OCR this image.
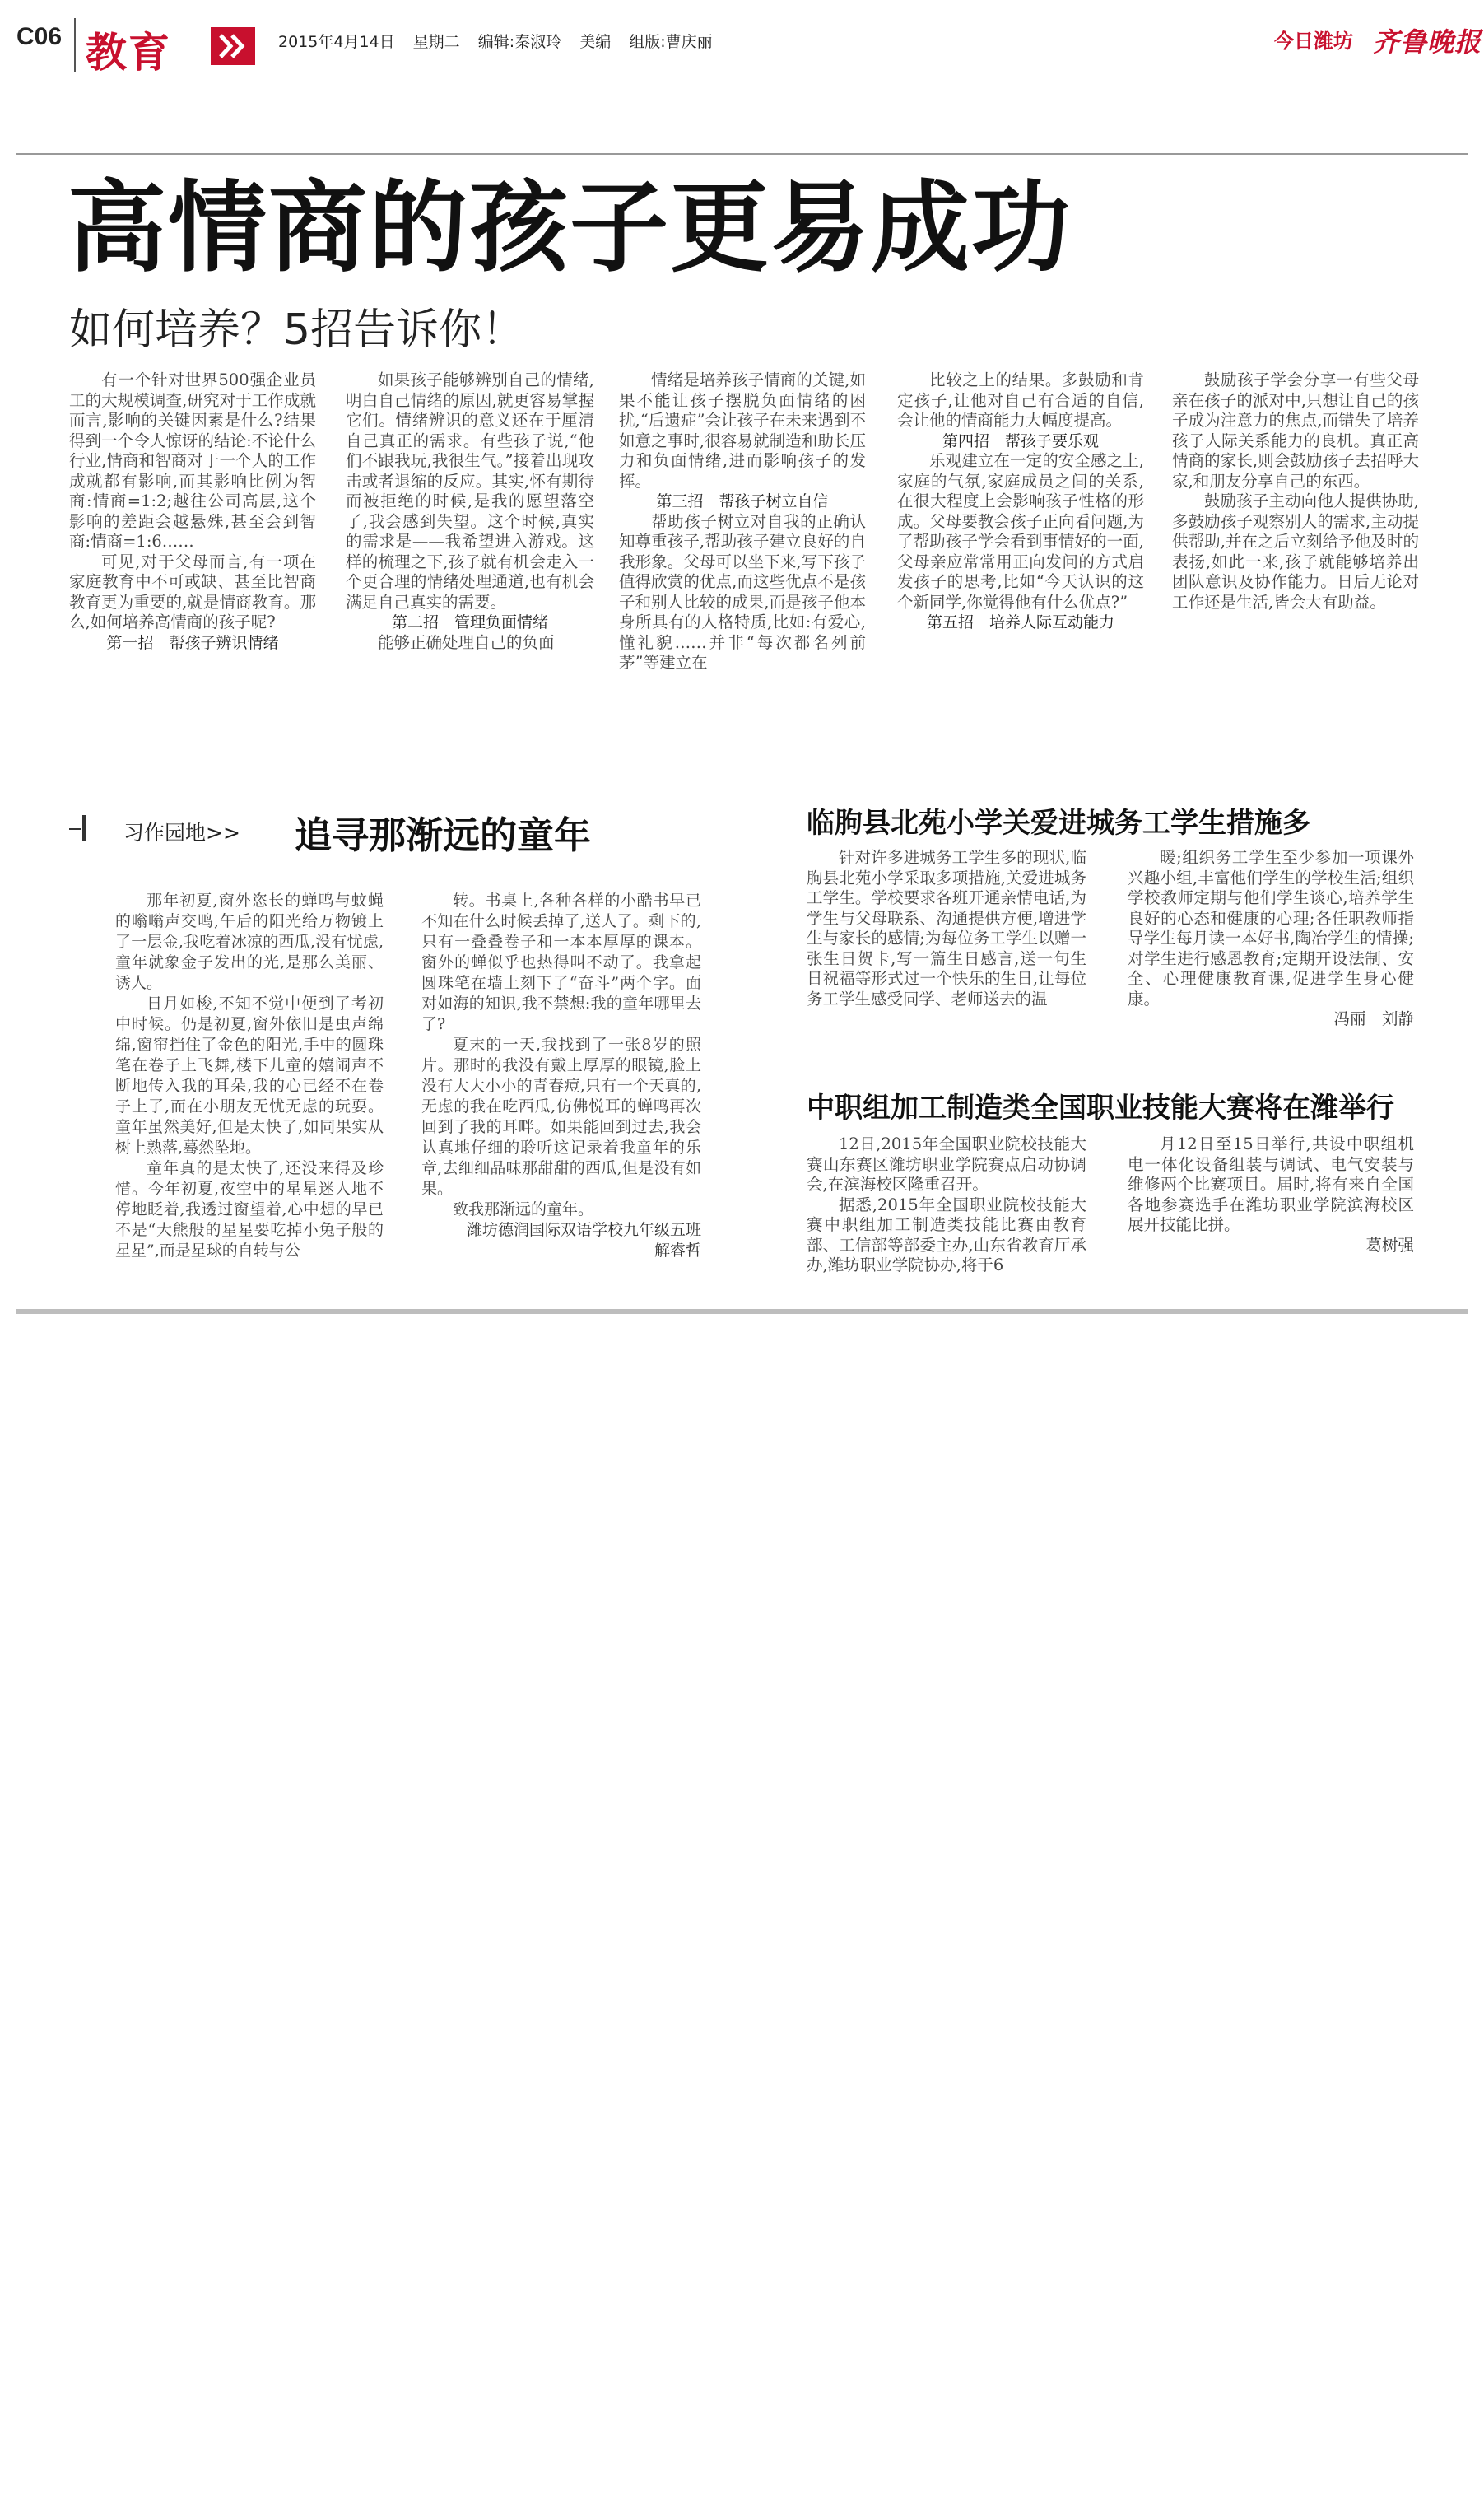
C06 教育	2015年4月14日 星期二 编辑:秦淑玲 美编 组版:曹庆丽	今日潍坊 齐鲁晚报
高情商的孩子更易成功
如何培养？5招告诉你！

有一个针对世界500强企业员工的大规模调查,研究对于工作成就而言,影响的关键因素是什么?结果得到一个令人惊讶的结论:不论什么行业,情商和智商对于一个人的工作成就都有影响,而其影响比例为智商:情商=1:2;越往公司高层,这个影响的差距会越悬殊,甚至会到智商:情商=1:6……

可见,对于父母而言,有一项在家庭教育中不可或缺、甚至比智商教育更为重要的,就是情商教育。那么,如何培养高情商的孩子呢?

第一招　帮孩子辨识情绪

如果孩子能够辨别自己的情绪,明白自己情绪的原因,就更容易掌握它们。情绪辨识的意义还在于厘清自己真正的需求。有些孩子说,“他们不跟我玩,我很生气。”接着出现攻击或者退缩的反应。其实,怀有期待而被拒绝的时候,是我的愿望落空了,我会感到失望。这个时候,真实的需求是——我希望进入游戏。这样的梳理之下,孩子就有机会走入一个更合理的情绪处理通道,也有机会满足自己真实的需要。

第二招　管理负面情绪

能够正确处理自己的负面

情绪是培养孩子情商的关键,如果不能让孩子摆脱负面情绪的困扰,“后遗症”会让孩子在未来遇到不如意之事时,很容易就制造和助长压力和负面情绪,进而影响孩子的发挥。

第三招　帮孩子树立自信

帮助孩子树立对自我的正确认知尊重孩子,帮助孩子建立良好的自我形象。父母可以坐下来,写下孩子值得欣赏的优点,而这些优点不是孩子和别人比较的成果,而是孩子他本身所具有的人格特质,比如:有爱心,懂礼貌……并非“每次都名列前茅”等建立在

比较之上的结果。多鼓励和肯定孩子,让他对自己有合适的自信,会让他的情商能力大幅度提高。

第四招　帮孩子要乐观

乐观建立在一定的安全感之上,家庭的气氛,家庭成员之间的关系,在很大程度上会影响孩子性格的形成。父母要教会孩子正向看问题,为了帮助孩子学会看到事情好的一面,父母亲应常常用正向发问的方式启发孩子的思考,比如“今天认识的这个新同学,你觉得他有什么优点?”

第五招　培养人际互动能力

鼓励孩子学会分享一有些父母亲在孩子的派对中,只想让自己的孩子成为注意力的焦点,而错失了培养孩子人际关系能力的良机。真正高情商的家长,则会鼓励孩子去招呼大家,和朋友分享自己的东西。

鼓励孩子主动向他人提供协助,多鼓励孩子观察别人的需求,主动提供帮助,并在之后立刻给予他及时的表扬,如此一来,孩子就能够培养出团队意识及协作能力。日后无论对工作还是生活,皆会大有助益。

习作园地>> 追寻那渐远的童年

那年初夏,窗外恣长的蝉鸣与蚊蝇的嗡嗡声交鸣,午后的阳光给万物镀上了一层金,我吃着冰凉的西瓜,没有忧虑,童年就象金子发出的光,是那么美丽、诱人。

日月如梭,不知不觉中便到了考初中时候。仍是初夏,窗外依旧是虫声绵绵,窗帘挡住了金色的阳光,手中的圆珠笔在卷子上飞舞,楼下儿童的嬉闹声不断地传入我的耳朵,我的心已经不在卷子上了,而在小朋友无忧无虑的玩耍。童年虽然美好,但是太快了,如同果实从树上熟落,蓦然坠地。

童年真的是太快了,还没来得及珍惜。今年初夏,夜空中的星星迷人地不停地眨着,我透过窗望着,心中想的早已不是“大熊般的星星要吃掉小兔子般的星星”,而是星球的自转与公

转。书桌上,各种各样的小酷书早已不知在什么时候丢掉了,送人了。剩下的,只有一叠叠卷子和一本本厚厚的课本。窗外的蝉似乎也热得叫不动了。我拿起圆珠笔在墙上刻下了“奋斗”两个字。面对如海的知识,我不禁想:我的童年哪里去了?

夏末的一天,我找到了一张8岁的照片。那时的我没有戴上厚厚的眼镜,脸上没有大大小小的青春痘,只有一个天真的,无虑的我在吃西瓜,仿佛悦耳的蝉鸣再次回到了我的耳畔。如果能回到过去,我会认真地仔细的聆听这记录着我童年的乐章,去细细品味那甜甜的西瓜,但是没有如果。

致我那渐远的童年。

潍坊德润国际双语学校九年级五班

解睿哲

临朐县北苑小学关爱进城务工学生措施多

针对许多进城务工学生多的现状,临朐县北苑小学采取多项措施,关爱进城务工学生。学校要求各班开通亲情电话,为学生与父母联系、沟通提供方便,增进学生与家长的感情;为每位务工学生以赠一张生日贺卡,写一篇生日感言,送一句生日祝福等形式过一个快乐的生日,让每位务工学生感受同学、老师送去的温

暖;组织务工学生至少参加一项课外兴趣小组,丰富他们学生的学校生活;组织学校教师定期与他们学生谈心,培养学生良好的心态和健康的心理;各任职教师指导学生每月读一本好书,陶冶学生的情操;对学生进行感恩教育;定期开设法制、安全、心理健康教育课,促进学生身心健康。

冯丽　刘静

中职组加工制造类全国职业技能大赛将在潍举行

12日,2015年全国职业院校技能大赛山东赛区潍坊职业学院赛点启动协调会,在滨海校区隆重召开。

据悉,2015年全国职业院校技能大赛中职组加工制造类技能比赛由教育部、工信部等部委主办,山东省教育厅承办,潍坊职业学院协办,将于6

月12日至15日举行,共设中职组机电一体化设备组装与调试、电气安装与维修两个比赛项目。届时,将有来自全国各地参赛选手在潍坊职业学院滨海校区展开技能比拼。

葛树强
